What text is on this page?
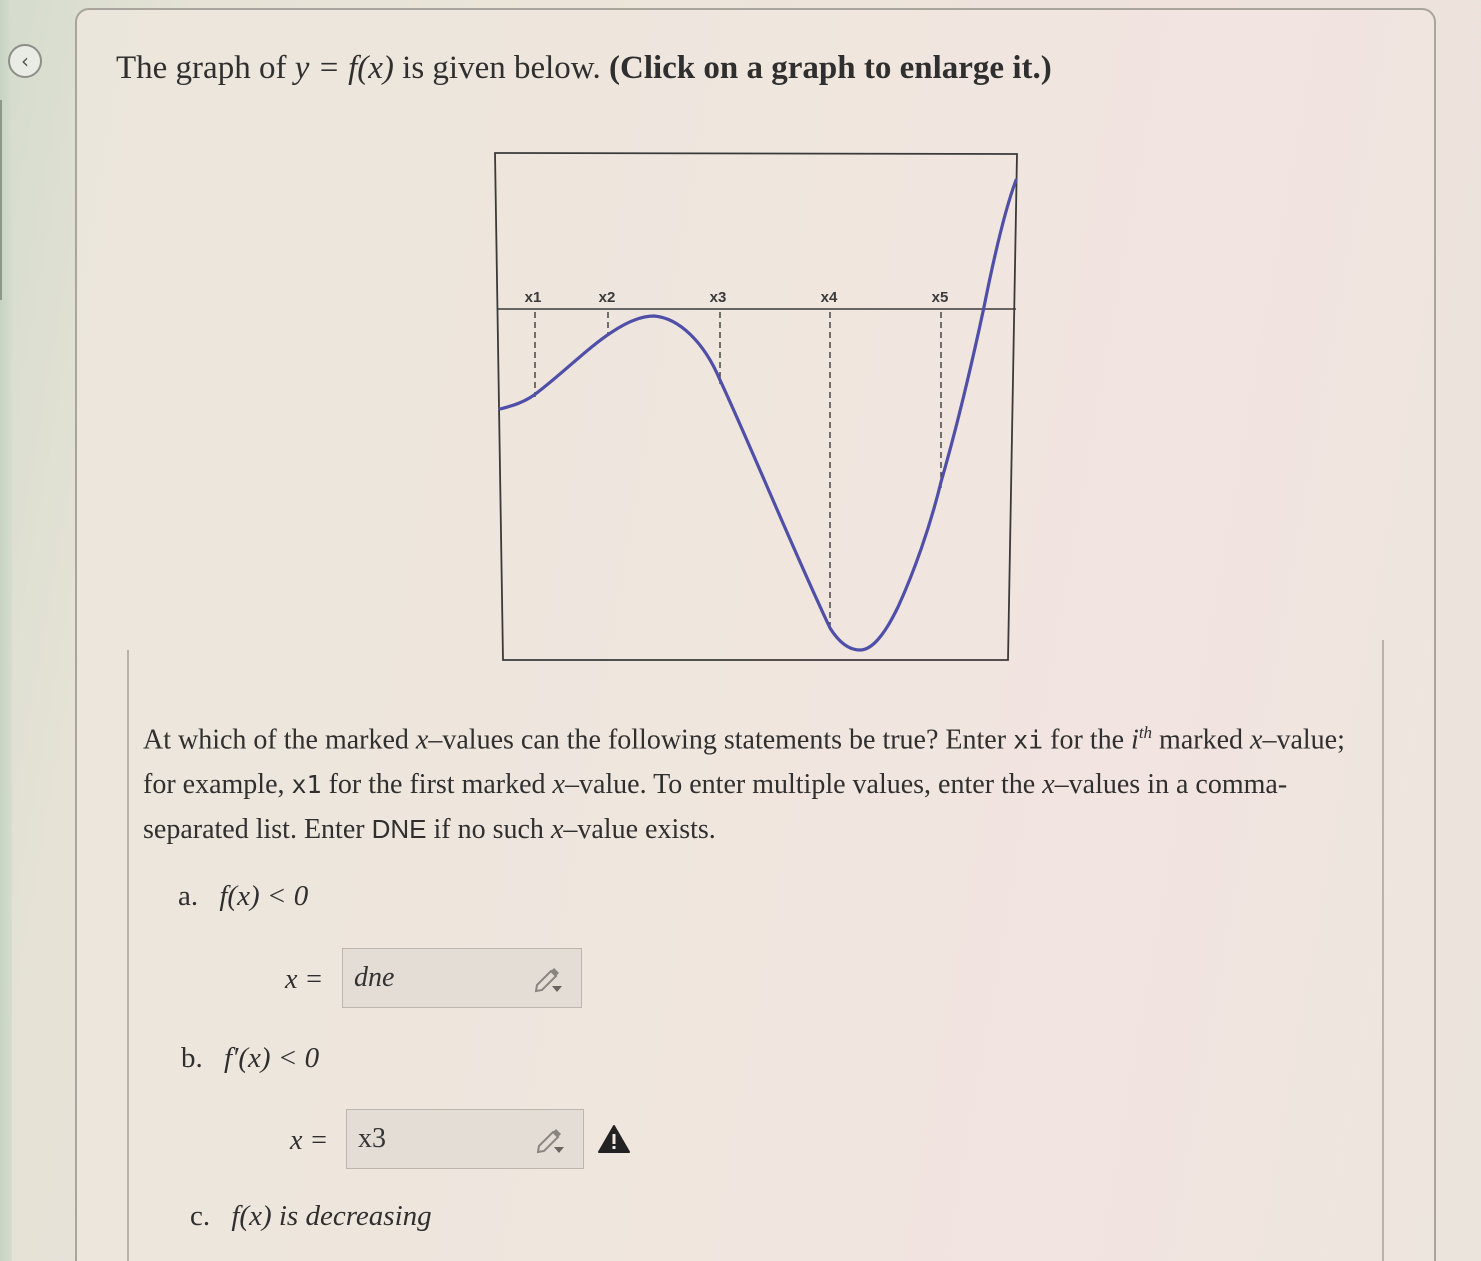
‹	The graph of y = f(x) is given below. (Click on a graph to enlarge it.)
x1	x2	x3	x4	x5
At which of the marked x–values can the following statements be true? Enter xi for the $i^{th}$ marked x–value; for example, x1 for the first marked x–value. To enter multiple values, enter the x–values in a comma-separated list. Enter DNE if no such x–value exists.
a. f(x) < 0
x = dne
b. f′(x) < 0
x = x3
c. f(x) is decreasing
